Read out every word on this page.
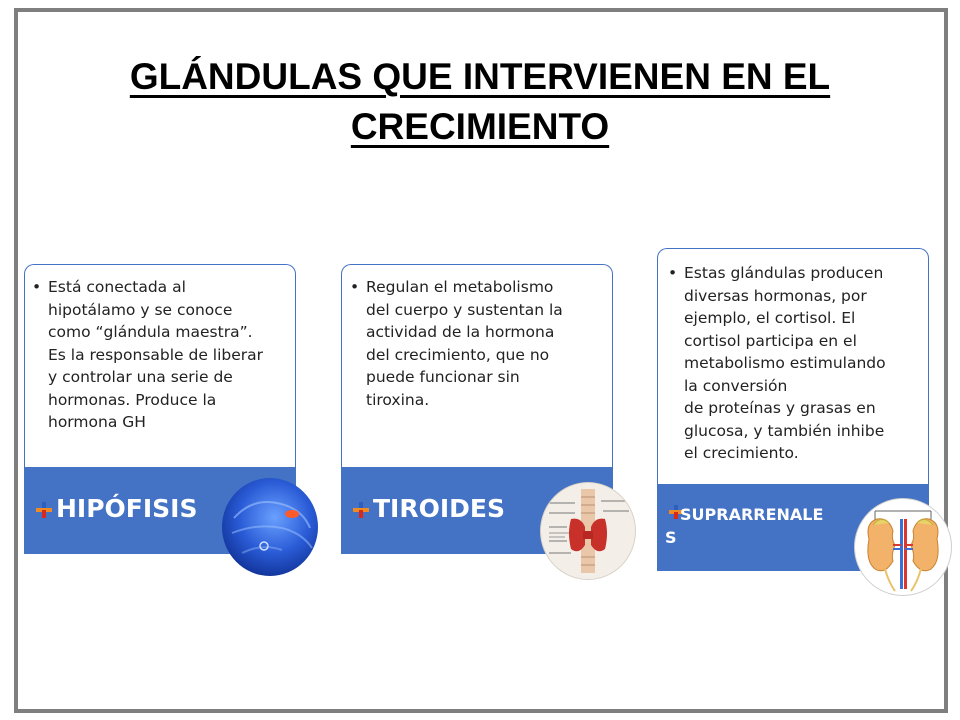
GLÁNDULAS QUE INTERVIENEN EN EL
CRECIMIENTO
• Está conectada al
hipotálamo y se conoce
como “glándula maestra”.
Es la responsable de liberar
y controlar una serie de
hormonas. Produce la
hormona GH
HIPÓFISIS
• Regulan el metabolismo
del cuerpo y sustentan la
actividad de la hormona
del crecimiento, que no
puede funcionar sin
tiroxina.
TIROIDES
• Estas glándulas producen
diversas hormonas, por
ejemplo, el cortisol. El
cortisol participa en el
metabolismo estimulando
la conversión
de proteínas y grasas en
glucosa, y también inhibe
el crecimiento.
SUPRARRENALE
S
